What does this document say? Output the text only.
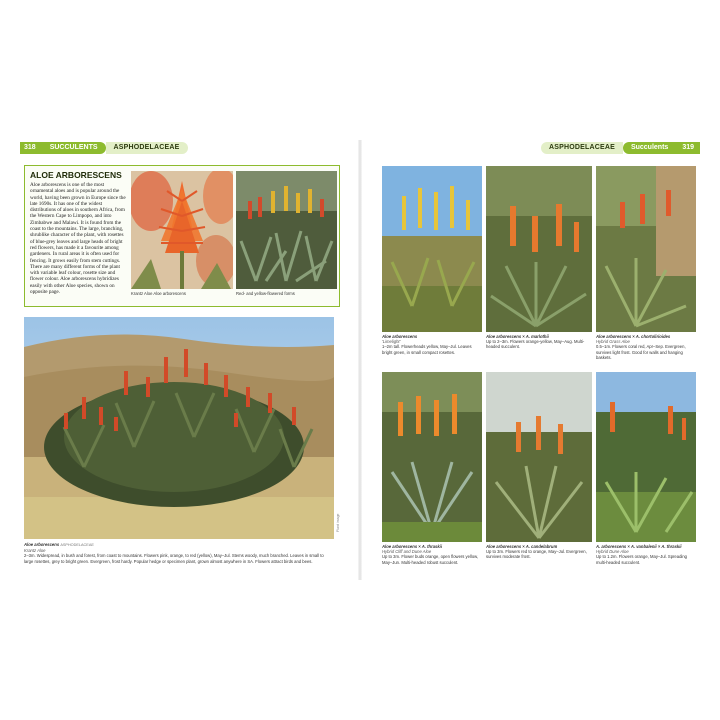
318	SUCCULENTS	ASPHODELACEAE
ALOE ARBORESCENS
Aloe arborescens is one of the most ornamental aloes and is popular around the world, having been grown in Europe since the late 1690s. It has one of the widest distributions of aloes in southern Africa, from the Western Cape to Limpopo, and into Zimbabwe and Malawi. It is found from the coast to the mountains. The large, branching, shrublike character of the plant, with rosettes of blue-grey leaves and large heads of bright red flowers, has made it a favourite among gardeners. In rural areas it is often used for fencing. It grows easily from stem cuttings. There are many different forms of the plant with variable leaf colour, rosette size and flower colour. Aloe arborescens hybridizes easily with other Aloe species, shown on opposite page.	Krantz Aloe Aloe arborescens	Red- and yellow-flowered forms
Plant image
Aloe arborescens ASPHODELACEAE
Krantz Aloe
2–3m. Widespread, in bush and forest, from coast to mountains. Flowers pink, orange, to red (yellow), May–Jul. Stems woody, much branched. Leaves in small to large rosettes, grey to bright green. Evergreen, frost hardy. Popular hedge or specimen plant, grown almost anywhere in SA. Flowers attract birds and bees.
ASPHODELACEAE	Succulents	319
Aloe arborescens
'Limelight'
1–2m tall. Flowerheads yellow, May–Jul. Leaves bright green, in small compact rosettes.
Aloe arborescens × A. marlothii
Up to 2–3m. Flowers orange-yellow, May–Aug. Multi-headed succulent.
Aloe arborescens × A. chortolirioides
Hybrid Grass Aloe
0.5–1m. Flowers coral red, Apr–Sep. Evergreen, survives light frost. Good for walls and hanging baskets.
Aloe arborescens × A. thraskii
Hybrid Cliff and Dune Aloe
Up to 3m. Flower buds orange, open flowers yellow, May–Jun. Multi-headed robust succulent.
Aloe arborescens × A. candelabrum
Up to 3m. Flowers red to orange, May–Jul. Evergreen, survives moderate frost.
A. arborescens × A. vanbalenii × A. thraskii
Hybrid Dune Aloe
Up to 1.2m. Flowers orange, May–Jul. Spreading multi-headed succulent.
